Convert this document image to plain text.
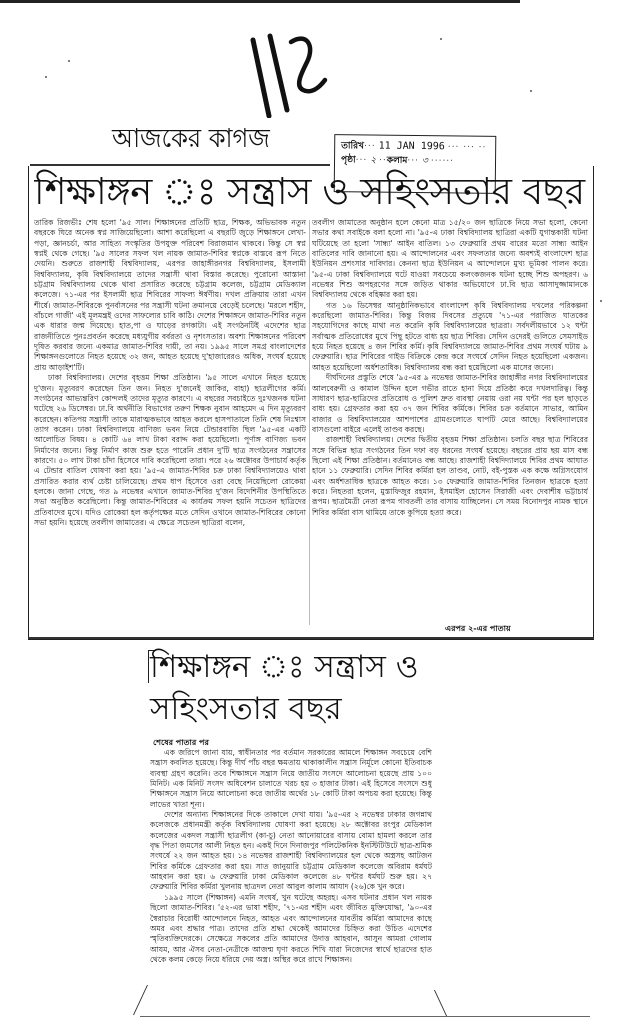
আজকের কাগজ	তারিখ ··· 11 JAN 1996 ··· ··· ··
পৃষ্ঠা ··· ২ ·· কলাম ··· ৩ ······
শিক্ষাঙ্গন ঃ সন্ত্রাস ও সহিংসতার বছর

তারিক রিজভীঃ শেষ হলো '৯৫ সাল। শিক্ষাঙ্গনের প্রতিটি ছাত্র, শিক্ষক, অভিভাবক নতুন বছরকে ঘিরে অনেক স্বপ্ন সাজিয়েছিলো। আশা করেছিলো এ বছরটি জুড়ে শিক্ষাঙ্গনে লেখা-পড়া, জ্ঞানচর্চা, আর সাহিত্য সংস্কৃতির উপযুক্ত পরিবেশ বিরাজমান থাকবে। কিন্তু সে স্বপ্ন স্বপ্নই থেকে গেছে। '৯৫ সালের সফল খল নায়ক জামাত-শিবির স্বপ্নকে বাস্তবে রূপ নিতে দেয়নি। শুরুতে রাজশাহী বিশ্ববিদ্যালয়, এরপর জাহাঙ্গীরনগর বিশ্ববিদ্যালয়, ইসলামী বিশ্ববিদ্যালয়, কৃষি বিশ্ববিদ্যালয়ে তাদের সন্ত্রাসী থাবা বিস্তার করেছে। পুরোনো আস্তানা চট্টগ্রাম বিশ্ববিদ্যালয় থেকে থাবা প্রসারিত করেছে চট্টগ্রাম কলেজ, চট্টগ্রাম মেডিক্যাল কলেজে। ৭১-এর পর ইসলামী ছাত্র শিবিরের সাফল্য ঈর্ষণীয়। দখল প্রক্রিয়ায় তারা এখন শীর্ষে। জামাত-শিবিরকে পুনর্বাসনের পর সন্ত্রাসী ঘটনা ক্রমানয়ে বেড়েই চলেছে। 'মরলে শহীদ, বাঁচলে গাজী' এই মূলমন্ত্রই ওদের সাফল্যের চাবি কাঠি। দেশের শিক্ষাঙ্গনে জামাত-শিবির নতুন এক ধারার জন্ম দিয়েছে। হাত,পা ও ঘাড়ের রগকাটা। এই সংগঠনটিই এদেশের ছাত্র রাজনীতিতে পুনঃপ্রবর্তন করেছে মধ্যযুগীয় বর্বরতা ও নৃশংসতার। অবশ্য শিক্ষাঙ্গনের পরিবেশ দূষিত করবার জন্যে একমাত্র জামাত-শিবির দায়ী, তা নয়। ১৯৯৫ সালে সমগ্র বাংলাদেশের শিক্ষাঙ্গনগুলোতে নিহত হয়েছে ৩২ জন, আহত হয়েছে দু'হাজারেরও অধিক, সংঘর্ষ হয়েছে প্রায় আড়াইশ'টি।

ঢাকা বিশ্ববিদ্যালয়। দেশের বৃহত্তম শিক্ষা প্রতিষ্ঠান। '৯৫ সালে এখানে নিহত হয়েছে দু'জন। মৃত্যুবরণ করেছেন তিন জন। নিহত দু'জনেই জাকির, বাহা) ছাত্রলীগের কর্মি। সংগঠনের আভ্যন্তরিণ কোন্দলই তাদের মৃত্যুর কারণে। এ বছরের সবচাইতে দুঃখজনক ঘটনা ঘটেছে ২৬ ডিসেম্বর। ঢা.বি অর্থনীতি বিভাগের তরুণ শিক্ষক নুবান আহমেদ এ দিন মৃত্যুবরণ করেছেন। কতিপয় সন্ত্রাসী তাকে মারাত্মকভাবে আহত করলে হাসপাতালে তিনি শেষ নিঃশ্বাস ত্যাগ করেন। ঢাকা বিশ্ববিদ্যালয়ে বাণিজ্য ভবন নিয়ে টেন্ডারবাজি ছিল '৯৫-এর একটি আলোচিত বিষয়। ৪ কোটি ৬৪ লাখ টাকা বরাদ্দ করা হয়েছিলো। পূর্ণাঙ্গ বাণিজ্য ভবন নির্মাণের জন্যে। কিন্তু নির্মাণ কাজ শুরু হতে পারেনি প্রধান দু'টি ছাত্র সংগঠনের সন্ত্রাসের কারণে। ৫০ লাখ টাকা চাঁদা হিসেবে দাবি করেছিলো তারা। পরে ২৬ অক্টোবর উপাচার্য কর্তৃক এ টেন্ডার বাতিল ঘোষণা করা হয়। '৯৫-এ জামাত-শিবির চক্র ঢাকা বিশ্ববিদ্যালয়েও থাবা প্রসারিত করার ব্যর্থ চেষ্টা চালিয়েছে। প্রথম ধাপ হিসেবে ওরা বেছে নিয়েছিলো রোকেয়া হলকে। জানা গেছে, গত ৯ নভেম্বর এখানে জামাত-শিবির দু'জন বিদেশিনীর উপস্থিতিতে সভা অনুষ্ঠিত করেছিলো। কিন্তু জামাত-শিবিরের এ কার্যক্রম সফল হয়নি সচেতন ছাত্রিদের প্রতিবাদের মুখে। যদিও রোকেয়া হল কর্তৃপক্ষের মতে সেদিন ওখানে জামাত-শিবিরের কোনো সভা হয়নি। হয়েছে তবলীগ জামাতের। এ ক্ষেত্রে সচেতন ছাত্রিরা বলেন,

তবলীগ জামাতের অনুষ্ঠান হলে কেনো মাত্র ১৫/২০ জন ছাত্রিকে নিয়ে সভা হলো, কেনো সভার কথা সবাইকে বলা হলো না। '৯৫-এ ঢাকা বিশ্ববিদ্যালয় ছাত্রিরা একটি যুগান্তকারী ঘটনা ঘটিয়েছে তা হলো 'সান্ধ্য' আইন বাতিল। ১৩ ফেব্রুয়ারি প্রথম বারের মতো সান্ধ্য আইন বাতিলের দাবি জানানো হয়। এ আন্দোলনের এবং সফলতার জন্যে অবশ্যই বাংলাদেশ ছাত্র ইউনিয়ন প্রশংসার দাবিদার। কেননা ছাত্র ইউনিয়ন এ আন্দোলনে মুখ্য ভূমিকা পালন করে। '৯৫-এ ঢাকা বিশ্ববিদ্যালয়ে ঘটে যাওয়া সবচেয়ে কলংকজনক ঘটনা হচ্ছে শিশু অপহরণ। ৬ নভেম্বর শিশু অপহরণের সঙ্গে জড়িত থাকার অভিযোগে ঢা.বি ছাত্র আসাদুজ্জামানকে বিশ্ববিদ্যালয় থেকে বহিষ্কার করা হয়।

গত ১৬ ডিসেম্বর আনুষ্ঠানিকভাবে বাংলাদেশ কৃষি বিশ্ববিদ্যালয় দখলের পরিকল্পনা করেছিলো জামাত-শিবির। কিন্তু বিজয় দিবসের প্রত্যুষে '৭১-এর পরাজিত ঘাতকের সহযোগিদের কাছে মাথা নত করেনি কৃষি বিশ্ববিদ্যালয়ের ছাত্ররা। সর্বদলীয়ভাবে ১২ ঘন্টা সর্বাত্মক প্রতিরোধের মুখে পিছু হটতে বাধ্য হয় ছাত্র শিবির। সেদিন ওদেরই গুলিতে সেমসাইড হয়ে নিহত হয়েছে ৪ জন শিবির কর্মি। কৃষি বিশ্ববিদ্যালয়ে জামাত-শিবির প্রথম সংঘর্ষ ঘটায় ৯ ফেব্রুয়ারি। ছাত্র শিবিরের গাইড বিক্রিকে কেন্দ্র করে সংঘর্ষে সেদিন নিহত হয়েছিলো একজন। আহত হয়েছিলো অর্ধশতাধিক। বিশ্ববিদ্যালয় বন্ধ করা হয়েছিলো এক মাসের জন্যে।

দীর্ঘদিনের প্রস্তুতি শেষে '৯৫-এর ৯ নভেম্বর জামাত-শিবির জাহাঙ্গীর নগর বিশ্ববিদ্যালয়ের আলবেরুনী ও কামাল উদ্দিন হলে গভীর রাতে হানা দিয়ে প্রতিষ্ঠা করে দখলদারিত্ব। কিন্তু সাধারণ ছাত্র-ছাত্রিদের প্রতিরোধ ও পুলিশ দ্রুত ব্যবস্থা নেয়ায় ওরা নয় ঘন্টা পর হল ছাড়তে বাধ্য হয়। গ্রেফতার করা হয় ৩৭ জন শিবির কর্মিকে। শিবির চক্র বর্তমানে সাভার, আমিন বাজার ও বিশ্ববিদ্যালয়ের আশপাশের গ্রামগুলোতে ঘাপটি মেরে আছে। বিশ্ববিদ্যালয়ের বাসগুলো বাইরে এলেই তাণ্ডব করছে।

রাজশাহী বিশ্ববিদ্যালয়। দেশের দ্বিতীয় বৃহত্তম শিক্ষা প্রতিষ্ঠান। চলতি বছর ছাত্র শিবিরের সঙ্গে বিভিন্ন ছাত্র সংগঠনের তিন দফা বড় ধরনের সংঘর্ষ হয়েছে। বছরের প্রায় ছয় মাস বন্ধ ছিলো এই শিক্ষা প্রতিষ্ঠান। বর্তমানেও বন্ধ আছে। রাজশাহী বিশ্বদিদ্যালয়ে শিবির প্রথম আঘাত হানে ১১ ফেব্রুয়ারি। সেদিন শিবির কর্মিরা হল তাণ্ডব, নোট, বই-পুস্তক এক কক্ষে অগ্নিসংযোগ এবং অর্ধশতাধিক ছাত্রকে আহত করে। ১৩ ফেব্রুয়ারি জামাত-শিবির তিনজন ছাত্রকে হত্যা করে। নিহতরা হলেন, মুস্তাফিজুর রহমান, ইসমাইল হোসেন সিরাজী এবং দেবাশীষ ভট্টাচার্য রূপম। ছাত্রমৈত্রী নেতা রূপম গাবতলী তার বাসায় যাচ্ছিলেন। সে সময় বিনোদপুর নামক স্থানে শিবির কর্মিরা বাস থামিয়ে তাকে কুপিয়ে হত্যা করে।

এরপর ২-এর পাতায়
শিক্ষাঙ্গন ঃ সন্ত্রাস ও
সহিংসতার বছর
শেষের পাতার পর

এক জরিপে জানা যায়, স্বাধীনতার পর বর্তমান সরকারের আমলে শিক্ষাঙ্গন সবচেয়ে বেশি সন্ত্রাস কবলিত হয়েছে। কিন্তু দীর্ঘ পাঁচ বছর ক্ষমতায় থাকাকালীন সন্ত্রাস নির্মূলে কোনো ইতিবাচক ব্যবস্থা গ্রহণ করেনি। তবে শিক্ষাঙ্গনে সন্ত্রাস নিয়ে জাতীয় সংসদে আলোচনা হয়েছে প্রায় ১০০ মিনিট। এক মিনিট সংসদ অধিবেশন চালাতে খরচ হয় ৩ হাজার টাকা। এই হিসেবে সংসদে শুধু শিক্ষাঙ্গনে সন্ত্রাস নিয়ে আলোচনা করে জাতীয় অর্থের ১৮ কোটি টাকা অপচয় করা হয়েছে। কিন্তু লাভের খাতা শূন্য।

দেশের অন্যান্য শিক্ষাঙ্গনের দিকে তাকালে দেখা যায়। '৯৫-এর ২ নভেম্বর ঢাকার জগন্নাথ কলেজকে প্রধানমন্ত্রী কর্তৃক বিশ্ববিদ্যালয় ঘোষণা করা হয়েছে। ২৮ অক্টোবর রংপুর মেডিকাল কলেজের একদল সন্ত্রাসী ছাত্রলীগ (কা-চু) নেতা আনোয়ারের বাসায় বোমা হামলা করলে তার বৃদ্ধ পিতা জমসের আলী নিহত হন। একই দিনে দিনাজপুর পলিটেকনিক ইনস্টিটিউটে ছাত্র-শ্রমিক সংঘর্ষে ২২ জন আহত হয়। ১৪ নভেম্বর রাজশাহী বিশ্ববিদ্যালয়ের হল থেকে অস্ত্রসহ আটজন শিবির কর্মিকে গ্রেফতার করা হয়। সাত জানুয়ারি চট্টগ্রাম মেডিকাল কলেজে অবিরাম ধর্মঘট আহবান করা হয়। ৬ ফেব্রুয়ারি ঢাকা মেডিকাল কলেজে ৪৮ ঘন্টার ধর্মঘট শুরু হয়। ২৭ ফেব্রুয়ারি শিবির কর্মিরা খুলনায় ছাত্রদল নেতা আবুল কালাম আযাদ (২৬)কে খুন করে।

১৯৯৫ সালে (শিক্ষাঙ্গন) এমনি সংঘর্ষ, খুন ঘটেছে অহরহ। এসব ঘটনার প্রধান খল নায়ক ছিলো জামাত-শিবির। '৫২-এর ভাষা শহীদ, '৭১-এর শহীদ এবং জীবিত মুক্তিযোদ্ধা, '৯০-এর স্বৈরাচার বিরোধী আন্দোলনে নিহত, আহত এবং আন্দোলনের যাবতীয় কর্মিরা আমাদের কাছে অমর এবং শ্রদ্ধার পাত্র। তাদের প্রতি শ্রদ্ধা থেকেই আমাদের চিহ্নিত করা উচিত এদেশের স্মৃতিব্যক্তিদেরকে। সেক্ষেত্রে সকলের প্রতি আমাদের উদাত্ত আহবান, আসুন আমরা গোলাম আযম, আর ঐসব নেতা-নেত্রীকে আজন্ম ঘৃণা করতে শিখি যারা নিজেদের স্বার্থে ছাত্রদের হাত থেকে কলম কেড়ে নিয়ে ধরিয়ে দেয় অস্ত্র। অস্থির করে রাখে শিক্ষাঙ্গন।
